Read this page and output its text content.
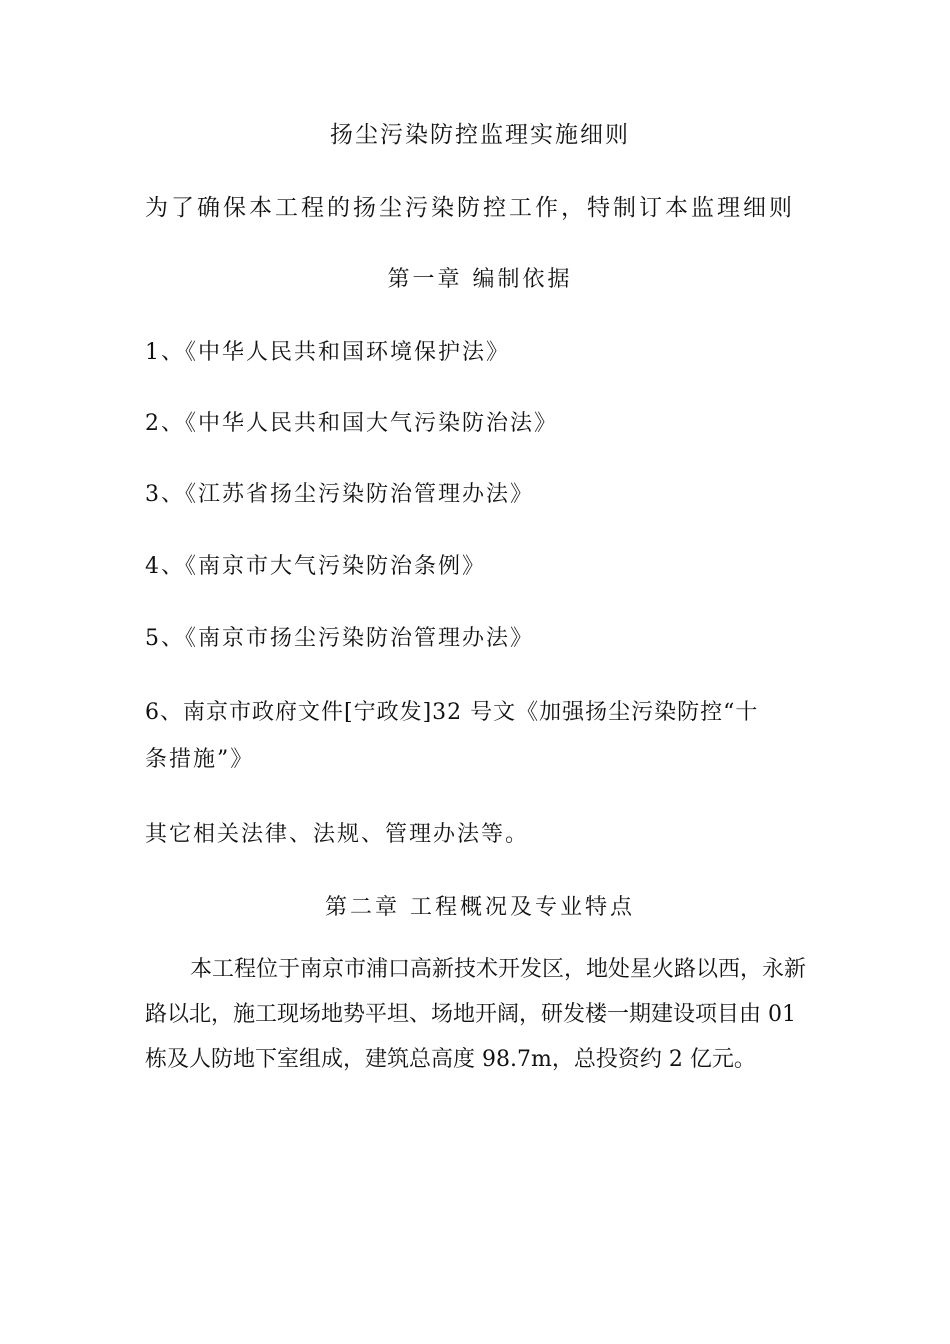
扬尘污染防控监理实施细则
为了确保本工程的扬尘污染防控工作，特制订本监理细则
第一章 编制依据
1、《中华人民共和国环境保护法》
2、《中华人民共和国大气污染防治法》
3、《江苏省扬尘污染防治管理办法》
4、《南京市大气污染防治条例》
5、《南京市扬尘污染防治管理办法》
6、南京市政府文件[宁政发]32 号文《加强扬尘污染防控“十
条措施”》
其它相关法律、法规、管理办法等。
第二章 工程概况及专业特点
本工程位于南京市浦口高新技术开发区，地处星火路以西，永新
路以北，施工现场地势平坦、场地开阔，研发楼一期建设项目由 01
栋及人防地下室组成，建筑总高度 98.7m，总投资约 2 亿元。
